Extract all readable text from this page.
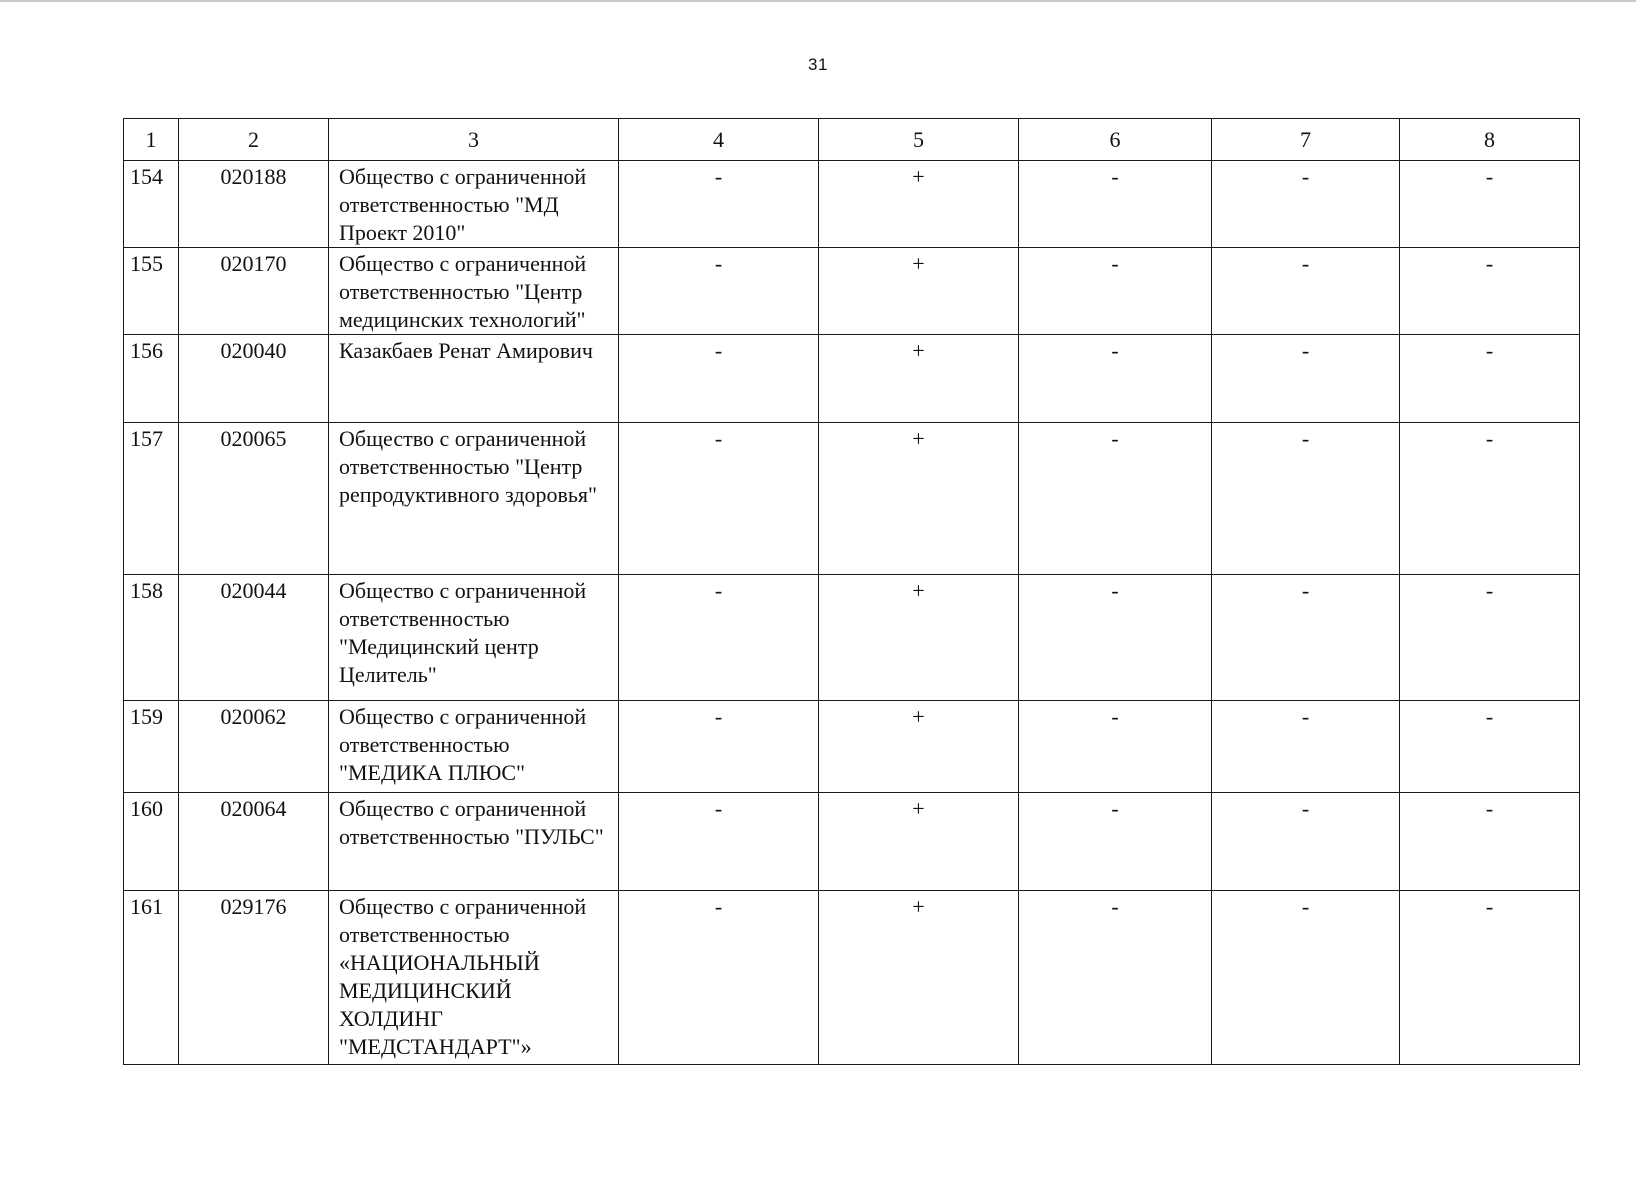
31
1	2	3	4	5	6	7	8
154	020188	Общество с ограниченной ответственностью "МД Проект 2010"	-	+	-	-	-
155	020170	Общество с ограниченной ответственностью "Центр медицинских технологий"	-	+	-	-	-
156	020040	Казакбаев Ренат Амирович	-	+	-	-	-
157	020065	Общество с ограниченной ответственностью "Центр репродуктивного здоровья"	-	+	-	-	-
158	020044	Общество с ограниченной ответственностью "Медицинский центр Целитель"	-	+	-	-	-
159	020062	Общество с ограниченной ответственностью "МЕДИКА ПЛЮС"	-	+	-	-	-
160	020064	Общество с ограниченной ответственностью "ПУЛЬС"	-	+	-	-	-
161	029176	Общество с ограниченной ответственностью «НАЦИОНАЛЬНЫЙ МЕДИЦИНСКИЙ ХОЛДИНГ "МЕДСТАНДАРТ"»	-	+	-	-	-
